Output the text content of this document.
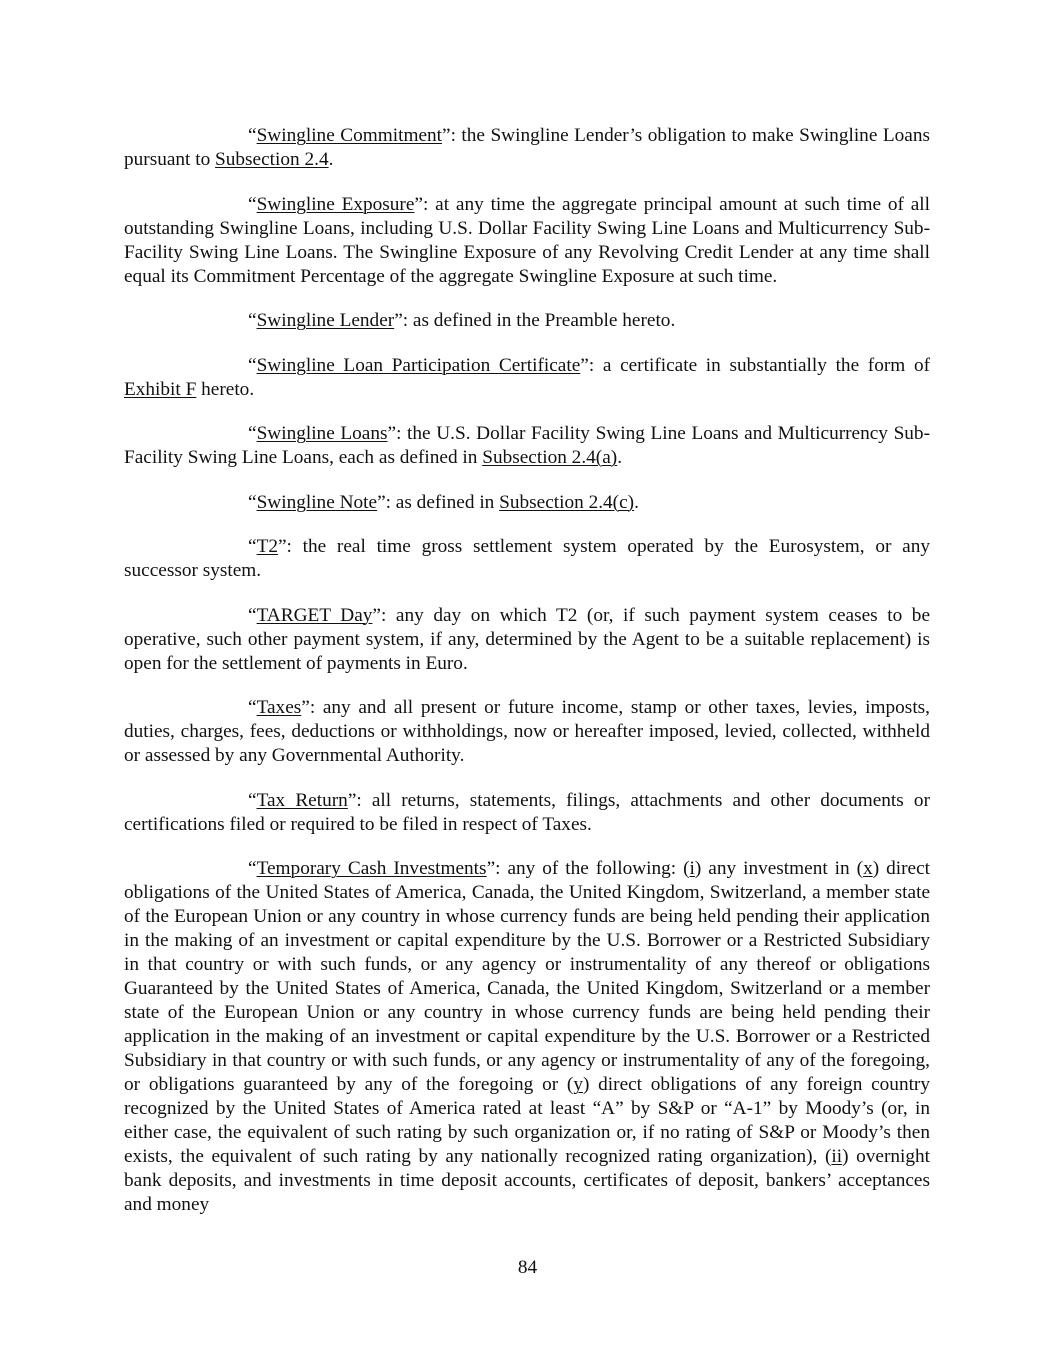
“Swingline Commitment”: the Swingline Lender’s obligation to make Swingline Loans pursuant to Subsection 2.4.

“Swingline Exposure”: at any time the aggregate principal amount at such time of all outstanding Swingline Loans, including U.S. Dollar Facility Swing Line Loans and Multicurrency Sub-Facility Swing Line Loans. The Swingline Exposure of any Revolving Credit Lender at any time shall equal its Commitment Percentage of the aggregate Swingline Exposure at such time.

“Swingline Lender”: as defined in the Preamble hereto.

“Swingline Loan Participation Certificate”: a certificate in substantially the form of Exhibit F hereto.

“Swingline Loans”: the U.S. Dollar Facility Swing Line Loans and Multicurrency Sub-Facility Swing Line Loans, each as defined in Subsection 2.4(a).

“Swingline Note”: as defined in Subsection 2.4(c).

“T2”: the real time gross settlement system operated by the Eurosystem, or any successor system.

“TARGET Day”: any day on which T2 (or, if such payment system ceases to be operative, such other payment system, if any, determined by the Agent to be a suitable replacement) is open for the settlement of payments in Euro.

“Taxes”: any and all present or future income, stamp or other taxes, levies, imposts, duties, charges, fees, deductions or withholdings, now or hereafter imposed, levied, collected, withheld or assessed by any Governmental Authority.

“Tax Return”: all returns, statements, filings, attachments and other documents or certifications filed or required to be filed in respect of Taxes.

“Temporary Cash Investments”: any of the following: (i) any investment in (x) direct obligations of the United States of America, Canada, the United Kingdom, Switzerland, a member state of the European Union or any country in whose currency funds are being held pending their application in the making of an investment or capital expenditure by the U.S. Borrower or a Restricted Subsidiary in that country or with such funds, or any agency or instrumentality of any thereof or obligations Guaranteed by the United States of America, Canada, the United Kingdom, Switzerland or a member state of the European Union or any country in whose currency funds are being held pending their application in the making of an investment or capital expenditure by the U.S. Borrower or a Restricted Subsidiary in that country or with such funds, or any agency or instrumentality of any of the foregoing, or obligations guaranteed by any of the foregoing or (y) direct obligations of any foreign country recognized by the United States of America rated at least “A” by S&P or “A-1” by Moody’s (or, in either case, the equivalent of such rating by such organization or, if no rating of S&P or Moody’s then exists, the equivalent of such rating by any nationally recognized rating organization), (ii) overnight bank deposits, and investments in time deposit accounts, certificates of deposit, bankers’ acceptances and money

84
